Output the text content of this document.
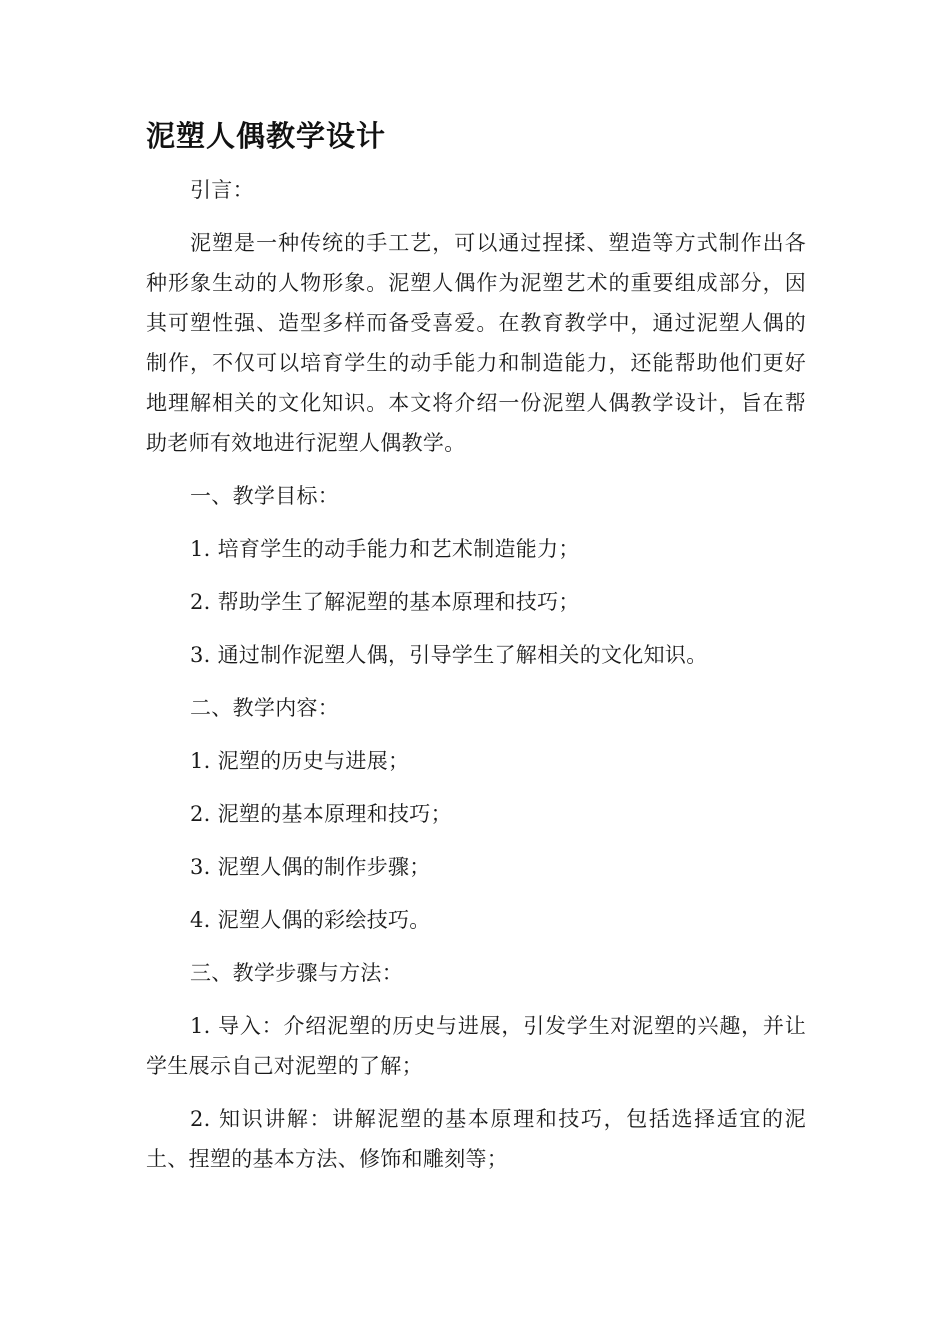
泥塑人偶教学设计

引言：

泥塑是一种传统的手工艺，可以通过捏揉、塑造等方式制作出各种形象生动的人物形象。泥塑人偶作为泥塑艺术的重要组成部分，因其可塑性强、造型多样而备受喜爱。在教育教学中，通过泥塑人偶的制作，不仅可以培育学生的动手能力和制造能力，还能帮助他们更好地理解相关的文化知识。本文将介绍一份泥塑人偶教学设计，旨在帮助老师有效地进行泥塑人偶教学。

一、教学目标：

1. 培育学生的动手能力和艺术制造能力；

2. 帮助学生了解泥塑的基本原理和技巧；

3. 通过制作泥塑人偶，引导学生了解相关的文化知识。

二、教学内容：

1. 泥塑的历史与进展；

2. 泥塑的基本原理和技巧；

3. 泥塑人偶的制作步骤；

4. 泥塑人偶的彩绘技巧。

三、教学步骤与方法：

1. 导入：介绍泥塑的历史与进展，引发学生对泥塑的兴趣，并让学生展示自己对泥塑的了解；

2. 知识讲解：讲解泥塑的基本原理和技巧，包括选择适宜的泥土、捏塑的基本方法、修饰和雕刻等；
